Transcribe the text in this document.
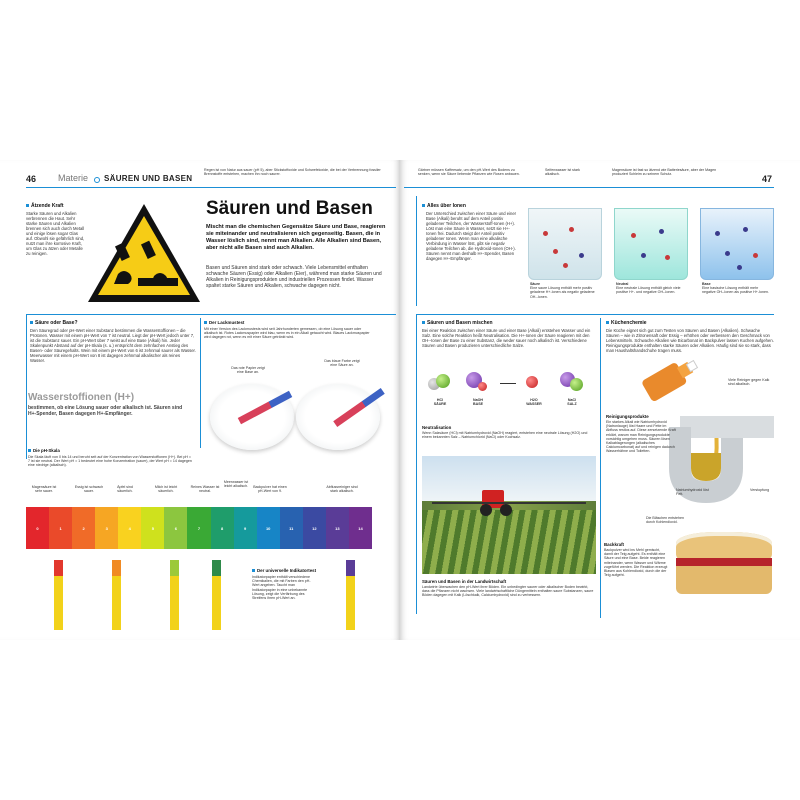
46 Materie SÄUREN UND BASEN	47
Regen ist von Natur aus sauer (pH 5), aber Stickstoffoxide und Schwefeloxide, die bei der Verbrennung fossiler Brennstoffe entstehen, machen ihn noch saurer.
Gärtner müssen Kaffeesatz, um den pH-Wert des Bodens zu senken, wenn sie Säure liebende Pflanzen wie Rosen anbauen.
Seifenwasser ist stark alkalisch.
Magensäure ist fast so ätzend wie Batteriesäure, aber der Magen produziert Schleim zu seinem Schutz.
Ätzende Kraft
Starke Säuren und Alkalien verbrennen die Haut. Sehr starke Säuren und Alkalien brennen sich auch durch Metall und einige lösen sogar Glas auf. Obwohl sie gefährlich sind, nutzt man ihre korrosive Kraft, um Glas zu ätzen oder Metalle zu reinigen.
Säuren und Basen
Mischt man die chemischen Gegensätze Säure und Base, reagieren sie miteinander und neutralisieren sich gegenseitig. Basen, die in Wasser löslich sind, nennt man Alkalien. Alle Alkalien sind Basen, aber nicht alle Basen sind auch Alkalien.
Basen und Säuren sind stark oder schwach. Viele Lebensmittel enthalten schwache Säuren (Essig) oder Alkalien (Eier), während man starke Säuren und Alkalien in Reinigungsprodukten und industriellen Prozessen findet. Wasser spaltet starke Säuren und Alkalien, schwache dagegen nicht.
Alles über Ionen
Der Unterschied zwischen einer Säure und einer Base (Alkali) beruht auf dem Anteil positiv geladener Teilchen, der Wasserstoff-Ionen (H+). Löst man eine Säure in Wasser, setzt sie H+-Ionen frei. Dadurch steigt der Anteil positiv geladener Ionen. Wenn man eine alkalische Verbindung in Wasser löst, gibt sie negativ geladene Teilchen ab, die Hydroxid-Ionen (OH-). Säuren nennt man deshalb H+-Spender, Basen dagegen H+-Empfänger.
Säure
Eine saure Lösung enthält mehr positiv geladene H+-Ionen als negativ geladene OH--Ionen.
Neutral
Eine neutrale Lösung enthält gleich viele positive H+- und negative OH--Ionen.
Base
Eine basische Lösung enthält mehr negative OH--Ionen als positive H+-Ionen.
Säure oder Base?
Den Säuregrad oder pH-Wert einer Substanz bestimmen die Wasserstoffionen – die Protonen. Wasser mit einem pH-Wert von 7 ist neutral. Liegt der pH-Wert jedoch unter 7, ist die Substanz sauer. Ein pH-Wert über 7 weist auf eine Base (Alkali) hin. Jeder Skalenpunkt Abstand auf der pH-Skala (s. u.) entspricht dem zehnfachen Anstieg des Basen- oder Säuregehalts. Wein mit einem pH-Wert von 6 ist zehnmal saurer als Wasser. Meerwasser mit einem pH-Wert von 8 ist dagegen zehnmal alkalischer als reines Wasser.
Wasserstoffionen (H+)
bestimmen, ob eine Lösung sauer oder alkalisch ist. Säuren sind H+-Spender, Basen dagegen H+-Empfänger.
Der Lackmustest
Mit einer Version des Lackmustests wird seit Jahrhunderten gemessen, ob eine Lösung sauer oder alkalisch ist. Rotes Lackmuspapier wird blau, wenn es in ein Alkali getaucht wird. Blaues Lackmuspapier wird dagegen rot, wenn es mit einer Säure getränkt wird.
Das rote Papier zeigt eine Base an.
Das blaue Farbe zeigt eine Säure an.
Die pH-Skala
Die Skala läuft von 0 bis 14 und beruht seit auf der Konzentration von Wasserstoffionen (H+). Bei pH = 7 ist sie neutral. Der Wert pH = 1 bedeutet eine hohe Konzentration (sauer), der Wert pH = 14 dagegen eine niedrige (alkalisch).
Magensäure ist sehr sauer.
Essig ist schwach sauer.
Äpfel sind säuerlich.
Milch ist leicht säuerlich.
Reines Wasser ist neutral.
Meerwasser ist leicht alkalisch.	Backpulver hat einen pH-Wert von 9.
Abflussreiniger sind stark alkalisch.
0	1	2	3	4	5	6	7	8	9	10	11	12	13	14
Der universelle Indikatortest
Indikatorpapier enthält verschiedene Chemikalien, die mit Farben den pH-Wert angeben. Taucht man Indikatorpapier in eine unbekannte Lösung, zeigt die Verfärbung des Streifens ihren pH-Wert an.
Säuren und Basen mischen
Bei einer Reaktion zwischen einer Säure und einer Base (Alkali) entstehen Wasser und ein Salz. Eine solche Reaktion heißt Neutralisation. Die H+-Ionen der Säure reagieren mit den OH--Ionen der Base zu einer Substanz, die weder sauer noch alkalisch ist. Verschiedene Säuren und Basen produzieren unterschiedliche Salze.
HCl
SÄURE
NaOH
BASE
H2O
WASSER
NaCl
SALZ
Neutralisation
Wenn Salzsäure (HCl) mit Natriumhydroxid (NaOH) reagiert, entstehen eine neutrale Lösung (H2O) und einem bekannten Salz – Natriumchlorid (NaCl) oder Kochsalz.
Säuren und Basen in der Landwirtschaft
Landwirte überwachen den pH-Wert ihrer Böden. Ein unbedingter saurer oder alkalischer Boden bewirkt, dass die Pflanzen nicht wachsen. Viele landwirtschaftliche Düngemitteln enthalten saure Substanzen, saure Böden dagegen mit Kalk (Löschkalk, Calciumhydroxid) sind zu verbessern.
Küchenchemie
Die Küche eignet sich gut zum Testen von Säuren und Basen (Alkalien). Schwache Säuren – wie in Zitronensaft oder Essig – erhöhen oder verbessern den Geschmack von Lebensmitteln. Schwache Alkalien wie Bicarbonat im Backpulver lassen Kuchen aufgehen. Reinigungsprodukte enthalten starke Säuren oder Alkalien. Häufig sind sie so stark, dass man Haushaltshandschuhe tragen muss.
Viele Reiniger gegen Kalk sind alkalisch.
Reinigungsprodukte
Ein starkes Alkali wie Natriumhydroxid (Natronlauge) löst Haare und Fette im Abfluss restlos auf. Diese zersetzende Kraft erklärt, warum man Reinigungsprodukte vorsichtig umgehen muss. Säuren lösen Kalkablagerungen (alkalisches Calciumcarbonat) auf und reinigen dadurch Wasserhähne und Toiletten.
Natriumhydroxid löst Fett.
Verstopfung
Die Bläschen entstehen durch Kohlendioxid.
Backkraft
Backpulver wird ins Mehl gemischt, damit der Teig aufgeht. Es enthält eine Säure und eine Base. Beide reagieren miteinander, wenn Wasser und Wärme zugeführt werden. Die Reaktion erzeugt Blasen aus Kohlendioxid, durch die der Teig aufgeht.
